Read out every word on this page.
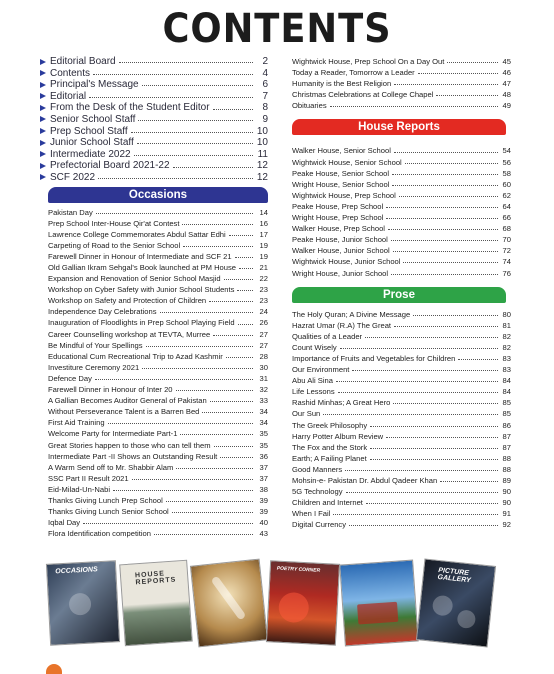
CONTENTS
Editorial Board	2
Contents	4
Principal's Message	6
Editorial	7
From the Desk of the Student Editor	8
Senior School Staff	9
Prep School Staff	10
Junior School Staff	10
Intermediate 2022	11
Prefectorial Board 2021-22	12
SCF 2022	12
Occasions
Pakistan Day	14
Prep School Inter-House Qir'at Contest	16
Lawrence College Commemorates Abdul Sattar Edhi	17
Carpeting of Road to the Senior School	19
Farewell Dinner in Honour of Intermediate and SCF 21	19
Old Gallian Ikram Sehgal's Book launched at PM House	21
Expansion and Renovation of Senior School Masjid	22
Workshop on Cyber Safety with Junior School Students	23
Workshop on Safety and Protection of Children	23
Independence Day Celebrations	24
Inauguration of Floodlights in Prep School Playing Field	26
Career Counselling workshop at TEVTA, Murree	27
Be Mindful of Your Spellings	27
Educational Cum Recreational Trip to Azad Kashmir	28
Investiture Ceremony 2021	30
Defence Day	31
Farewell Dinner in Honour of Inter 20	32
A Gallian Becomes Auditor General of Pakistan	33
Without Perseverance Talent is a Barren Bed	34
First Aid Training	34
Welcome Party for Intermediate Part-1	35
Great Stories happen to those who can tell them	35
Intermediate Part -II Shows an Outstanding Result	36
A Warm Send off to Mr. Shabbir Alam	37
SSC Part II Result 2021	37
Eid-Milad-Un-Nabi	38
Thanks Giving Lunch Prep School	39
Thanks Giving Lunch Senior School	39
Iqbal Day	40
Flora Identification competition	43
Wightwick House, Prep School On a Day Out	45
Today a Reader, Tomorrow a Leader	46
Humanity is the Best Religion	47
Christmas Celebrations at College Chapel	48
Obituaries	49
House Reports
Walker House, Senior School	54
Wightwick House, Senior School	56
Peake House, Senior School	58
Wright House, Senior School	60
Wightwick House, Prep School	62
Peake House, Prep School	64
Wright House, Prep School	66
Walker House, Prep School	68
Peake House, Junior School	70
Walker House, Junior School	72
Wightwick House, Junior School	74
Wright House, Junior School	76
Prose
The Holy Quran; A Divine Message	80
Hazrat Umar (R.A) The Great	81
Qualities of a Leader	82
Count Wisely	82
Importance of Fruits and Vegetables for Children	83
Our Environment	83
Abu Ali Sina	84
Life Lessons	84
Rashid Minhas; A Great Hero	85
Our Sun	85
The Greek Philosophy	86
Harry Potter Album Review	87
The Fox and the Stork	87
Earth; A Failing Planet	88
Good Manners	88
Mohsin-e- Pakistan Dr. Abdul Qadeer Khan	89
5G Technology	90
Children and Internet	90
When I Fail	91
Digital Currency	92
OCCASIONS	HOUSE REPORTS
POETRY CORNER	PICTURE GALLERY
